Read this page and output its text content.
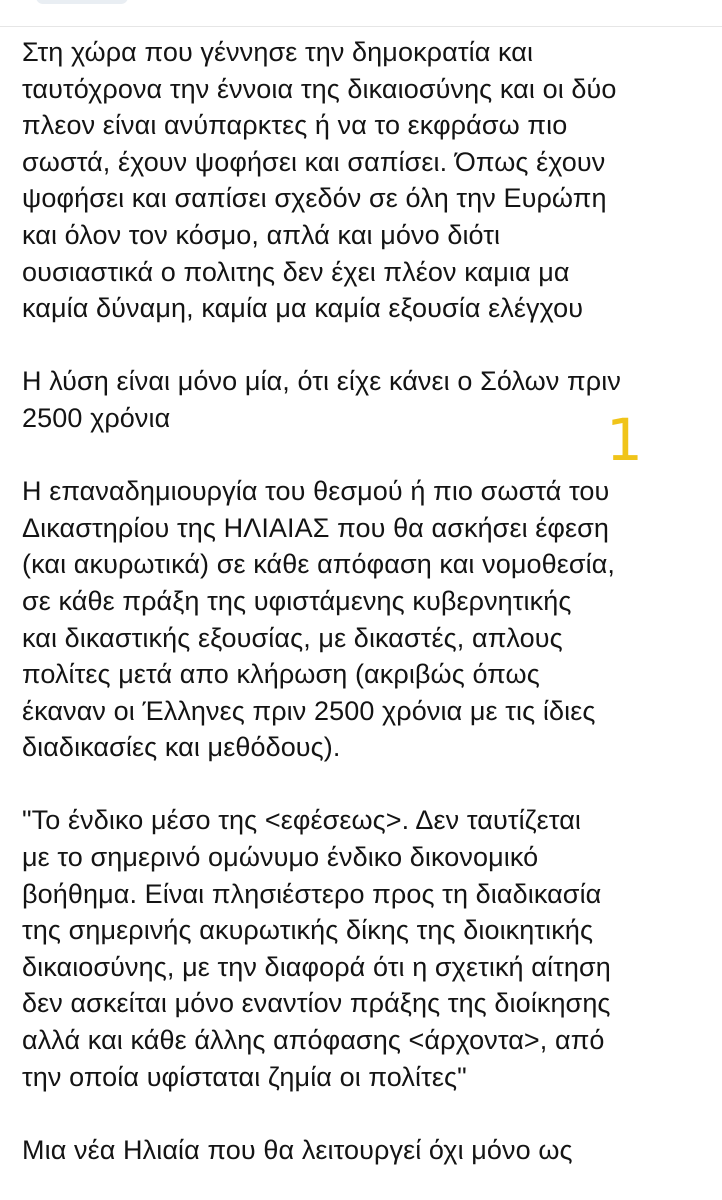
Στη χώρα που γέννησε την δημοκρατία και
ταυτόχρονα την έννοια της δικαιοσύνης και οι δύο
πλεον είναι ανύπαρκτες ή να το εκφράσω πιο
σωστά, έχουν ψοφήσει και σαπίσει. Όπως έχουν
ψοφήσει και σαπίσει σχεδόν σε όλη την Ευρώπη
και όλον τον κόσμο, απλά και μόνο διότι
ουσιαστικά ο πολιτης δεν έχει πλέον καμια μα
καμία δύναμη, καμία μα καμία εξουσία ελέγχου

Η λύση είναι μόνο μία, ότι είχε κάνει ο Σόλων πριν
2500 χρόνια

Η επαναδημιουργία του θεσμού ή πιο σωστά του
Δικαστηρίου της ΗΛΙΑΙΑΣ που θα ασκήσει έφεση
(και ακυρωτικά) σε κάθε απόφαση και νομοθεσία,
σε κάθε πράξη της υφιστάμενης κυβερνητικής
και δικαστικής εξουσίας, με δικαστές, απλους
πολίτες μετά απο κλήρωση (ακριβώς όπως
έκαναν οι Έλληνες πριν 2500 χρόνια με τις ίδιες
διαδικασίες και μεθόδους).

"Το ένδικο μέσο της <εφέσεως>. Δεν ταυτίζεται
με το σημερινό ομώνυμο ένδικο δικονομικό
βοήθημα. Είναι πλησιέστερο προς τη διαδικασία
της σημερινής ακυρωτικής δίκης της διοικητικής
δικαιοσύνης, με την διαφορά ότι η σχετική αίτηση
δεν ασκείται μόνο εναντίον πράξης της διοίκησης
αλλά και κάθε άλλης απόφασης <άρχοντα>, από
την οποία υφίσταται ζημία οι πολίτες"

Μια νέα Ηλιαία που θα λειτουργεί όχι μόνο ως

1
